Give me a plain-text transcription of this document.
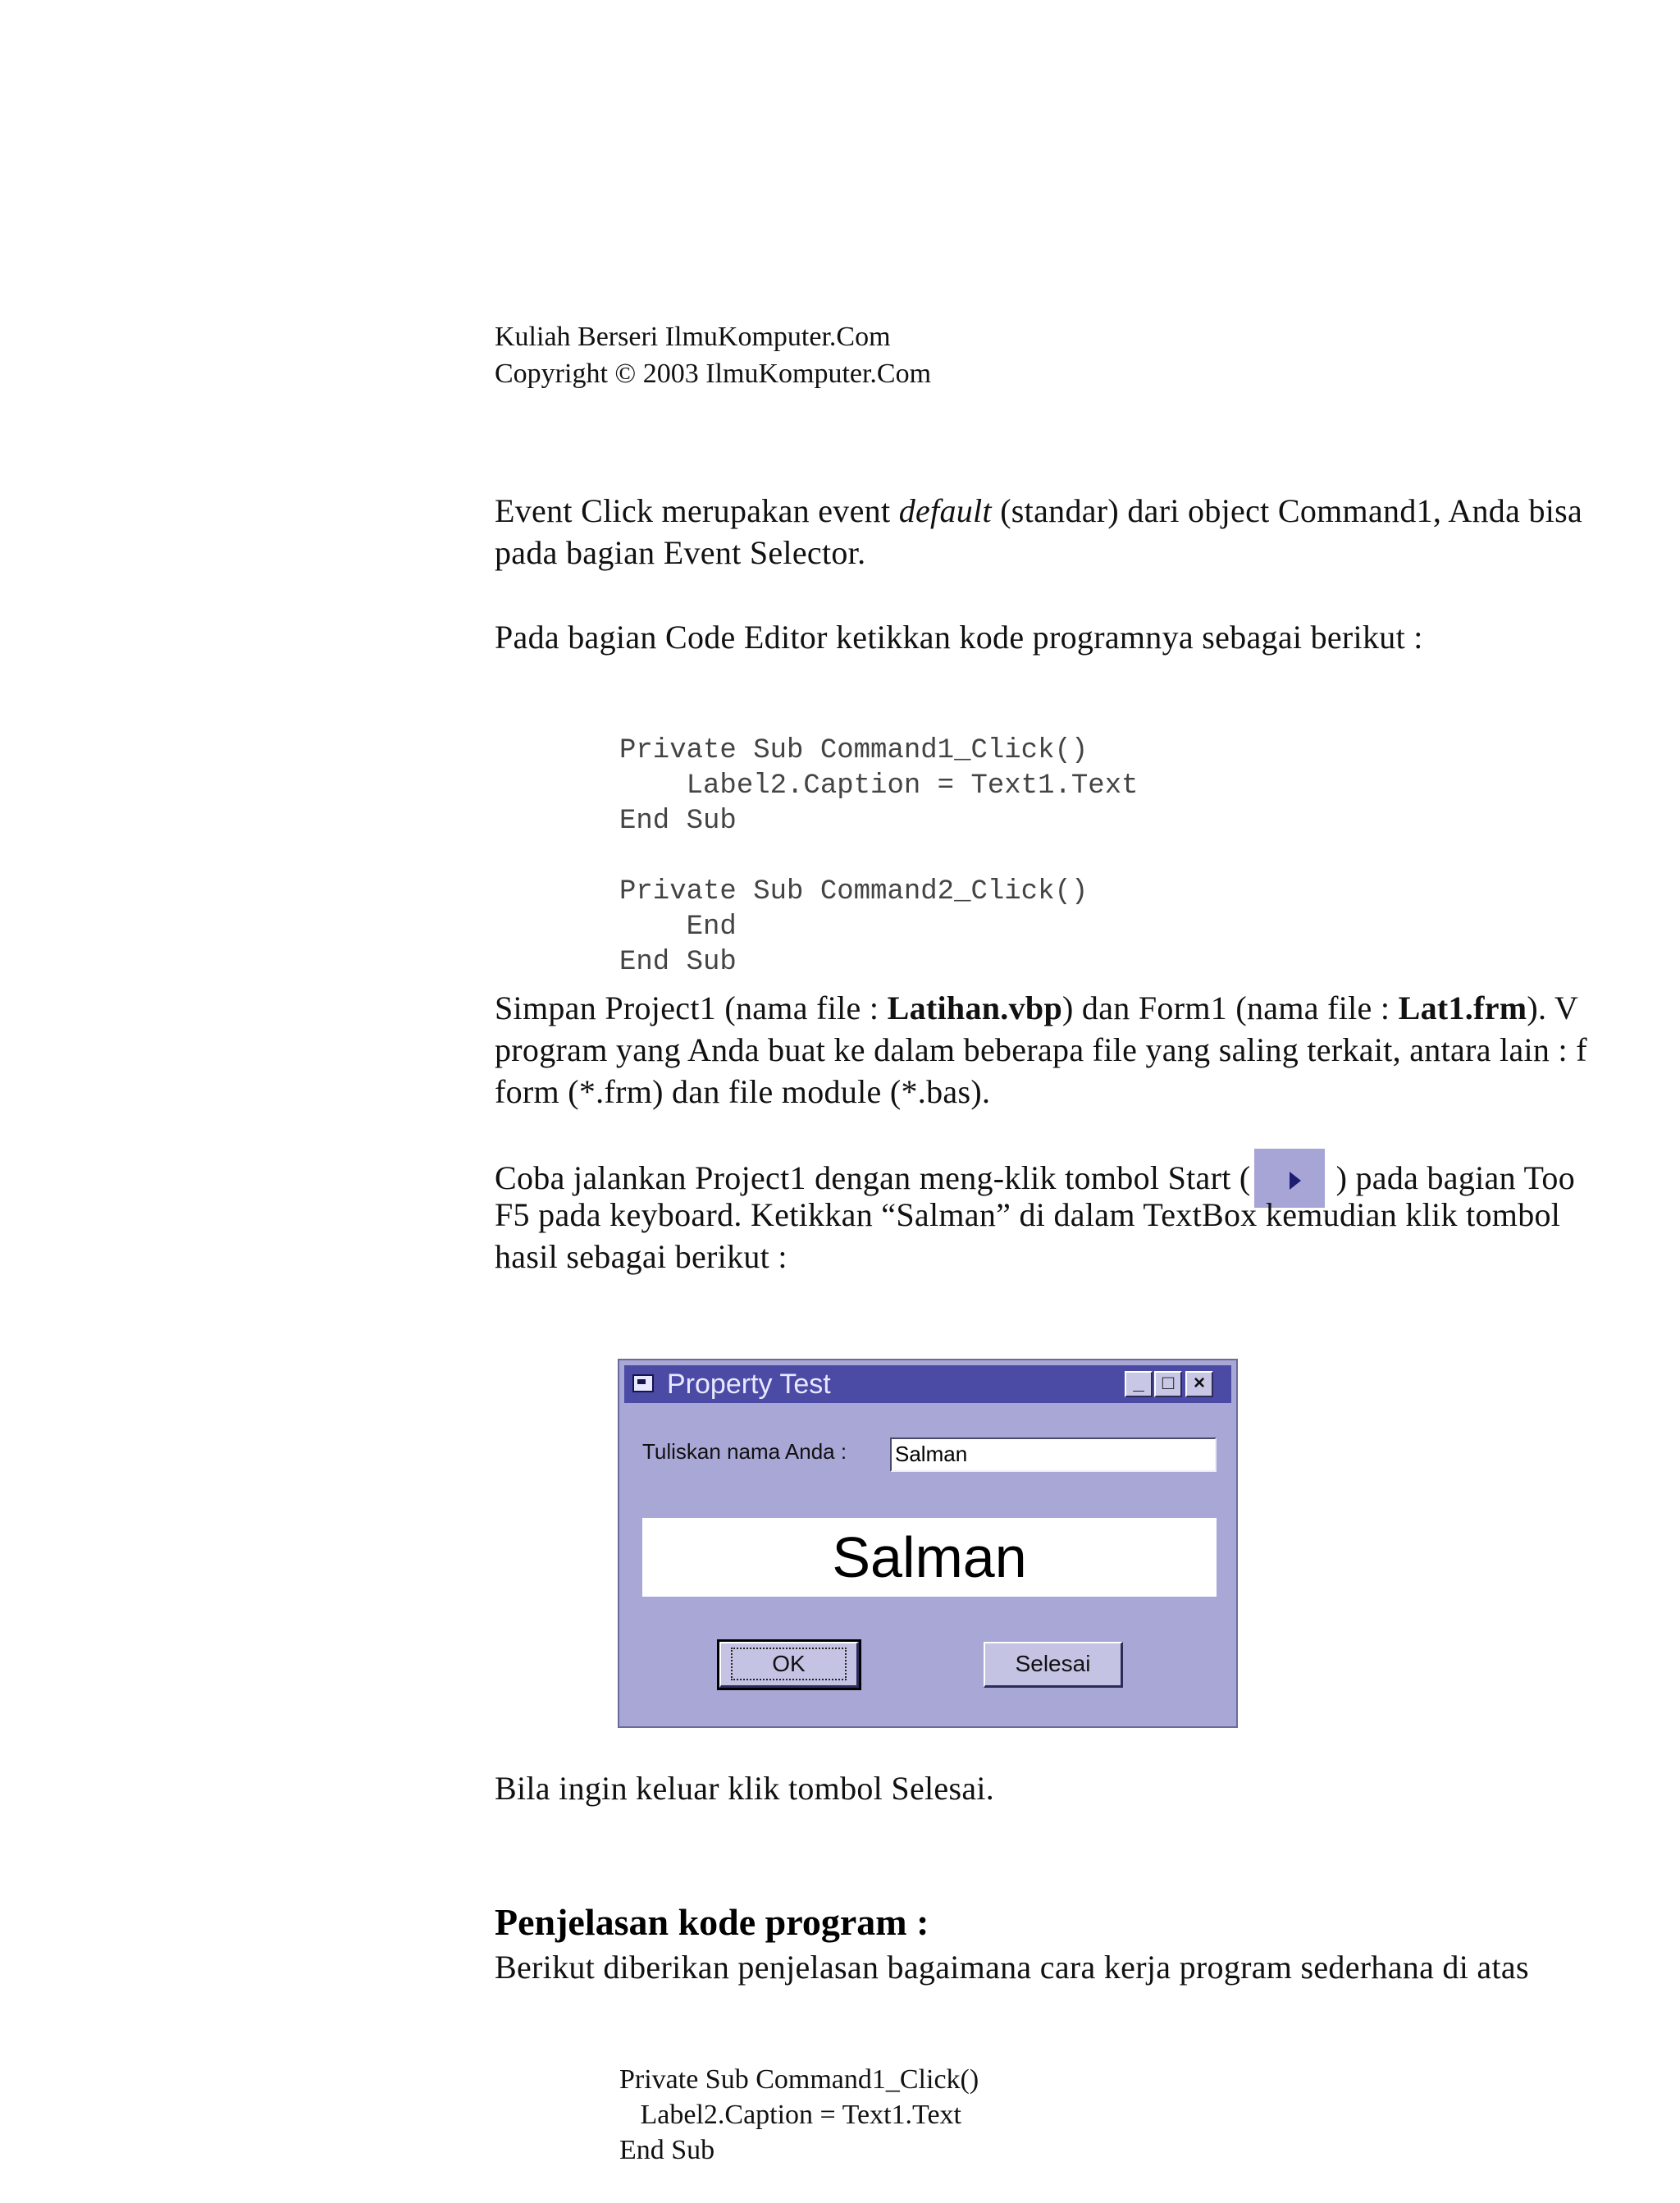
Kuliah Berseri IlmuKomputer.Com
Copyright © 2003 IlmuKomputer.Com
Event Click merupakan event default (standar) dari object Command1, Anda bisa
pada bagian Event Selector.
Pada bagian Code Editor ketikkan kode programnya sebagai berikut :

Private Sub Command1_Click()
Label2.Caption = Text1.Text
End Sub
Private Sub Command2_Click()
End
End Sub

Simpan Project1 (nama file : Latihan.vbp) dan Form1 (nama file : Lat1.frm). V
program yang Anda buat ke dalam beberapa file yang saling terkait, antara lain : f
form (*.frm) dan file module (*.bas).
Coba jalankan Project1 dengan meng-klik tombol Start (	) pada bagian Too
F5 pada keyboard. Ketikkan “Salman” di dalam TextBox kemudian klik tombol
hasil sebagai berikut :
Property Test	_ □ ×
Tuliskan nama Anda : Salman
Salman
OK	Selesai
Bila ingin keluar klik tombol Selesai.
Penjelasan kode program :
Berikut diberikan penjelasan bagaimana cara kerja program sederhana di atas

Private Sub Command1_Click()
Label2.Caption = Text1.Text
End Sub
